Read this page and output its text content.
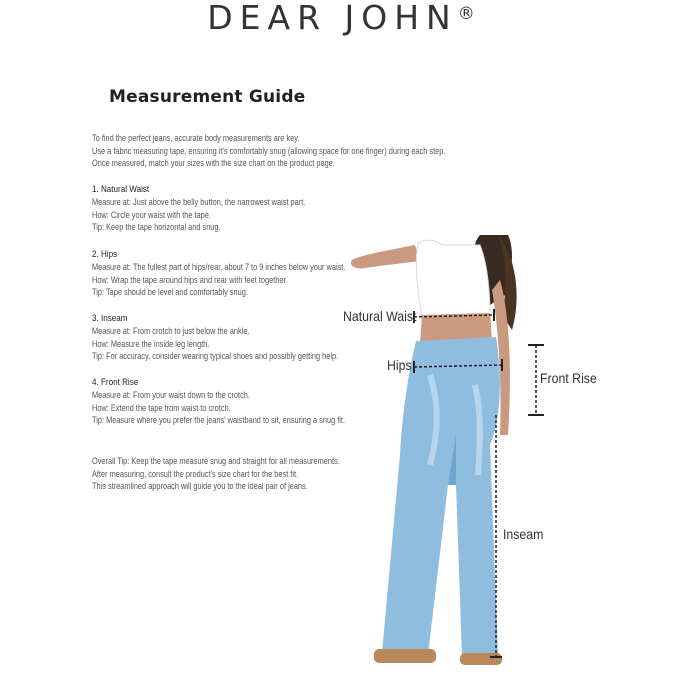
DEAR JOHN®
Measurement Guide
To find the perfect jeans, accurate body measurements are key.
Use a fabric measuring tape, ensuring it's comfortably snug (allowing space for one finger) during each step.
Once measured, match your sizes with the size chart on the product page.
1. Natural Waist
Measure at: Just above the belly button, the narrowest waist part.
How: Circle your waist with the tape.
Tip: Keep the tape horizontal and snug.
2. Hips
Measure at: The fullest part of hips/rear, about 7 to 9 inches below your waist.
How: Wrap the tape around hips and rear with feet together.
Tip: Tape should be level and comfortably snug.
3. Inseam
Measure at: From crotch to just below the ankle.
How: Measure the inside leg length.
Tip: For accuracy, consider wearing typical shoes and possibly getting help.
4. Front Rise
Measure at: From your waist down to the crotch.
How: Extend the tape from waist to crotch.
Tip: Measure where you prefer the jeans' waistband to sit, ensuring a snug fit.
Overall Tip: Keep the tape measure snug and straight for all measurements.
After measuring, consult the product's size chart for the best fit.
This streamlined approach will guide you to the ideal pair of jeans.
Natural Waist
Hips
Front Rise
Inseam
